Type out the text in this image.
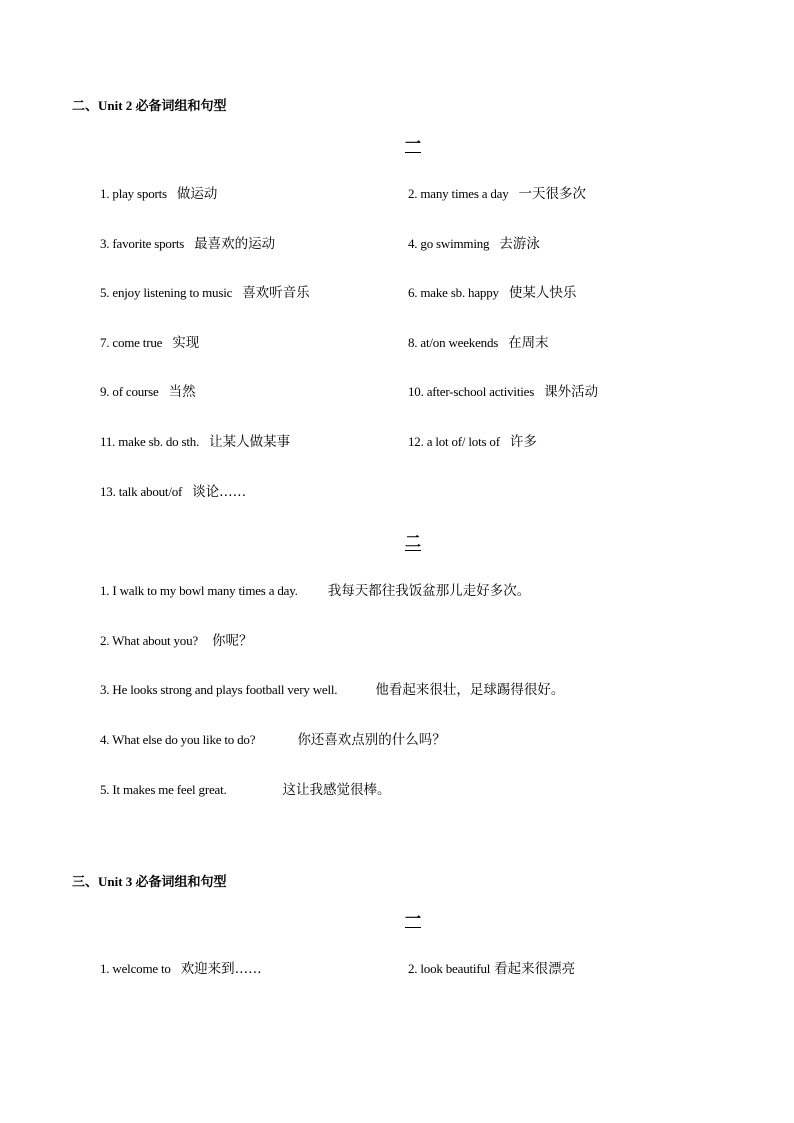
二、Unit 2 必备词组和句型
一
1. play sports 做运动	2. many times a day 一天很多次
3. favorite sports 最喜欢的运动	4. go swimming 去游泳
5. enjoy listening to music 喜欢听音乐	6. make sb. happy 使某人快乐
7. come true 实现	8. at/on weekends 在周末
9. of course 当然	10. after-school activities 课外活动
11. make sb. do sth. 让某人做某事	12. a lot of/ lots of 许多
13. talk about/of 谈论……
二
1. I walk to my bowl many times a day. 我每天都往我饭盆那儿走好多次。
2. What about you? 你呢？
3. He looks strong and plays football very well.	他看起来很壮，足球踢得很好。
4. What else do you like to do?	你还喜欢点别的什么吗？
5. It makes me feel great.	这让我感觉很棒。
三、Unit 3 必备词组和句型
一
1. welcome to 欢迎来到……	2. look beautiful 看起来很漂亮
